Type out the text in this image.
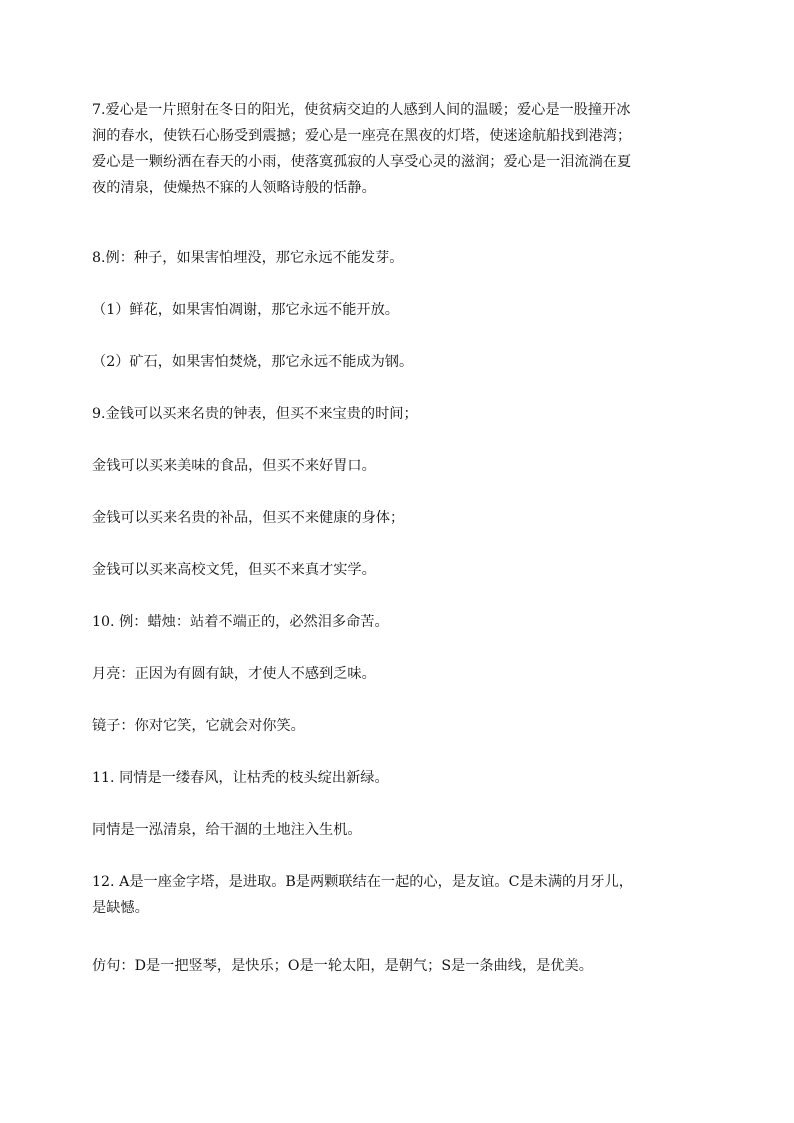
7.爱心是一片照射在冬日的阳光，使贫病交迫的人感到人间的温暖；爱心是一股撞开冰
涧的春水，使铁石心肠受到震撼；爱心是一座亮在黑夜的灯塔，使迷途航船找到港湾；
爱心是一颗纷洒在春天的小雨，使落寞孤寂的人享受心灵的滋润；爱心是一泪流淌在夏
夜的清泉，使燥热不寐的人领略诗般的恬静。

8.例：种子，如果害怕埋没，那它永远不能发芽。

（1）鲜花，如果害怕凋谢，那它永远不能开放。

（2）矿石，如果害怕焚烧，那它永远不能成为钢。

9.金钱可以买来名贵的钟表，但买不来宝贵的时间；

金钱可以买来美味的食品，但买不来好胃口。

金钱可以买来名贵的补品，但买不来健康的身体；

金钱可以买来高校文凭，但买不来真才实学。

10. 例：蜡烛：站着不端正的，必然泪多命苦。

月亮：正因为有圆有缺，才使人不感到乏味。

镜子：你对它笑，它就会对你笑。

11. 同情是一缕春风，让枯秃的枝头绽出新绿。

同情是一泓清泉，给干涸的土地注入生机。

12. A是一座金字塔，是进取。B是两颗联结在一起的心，是友谊。C是未满的月牙儿，
是缺憾。

仿句：D是一把竖琴，是快乐；O是一轮太阳，是朝气；S是一条曲线，是优美。
